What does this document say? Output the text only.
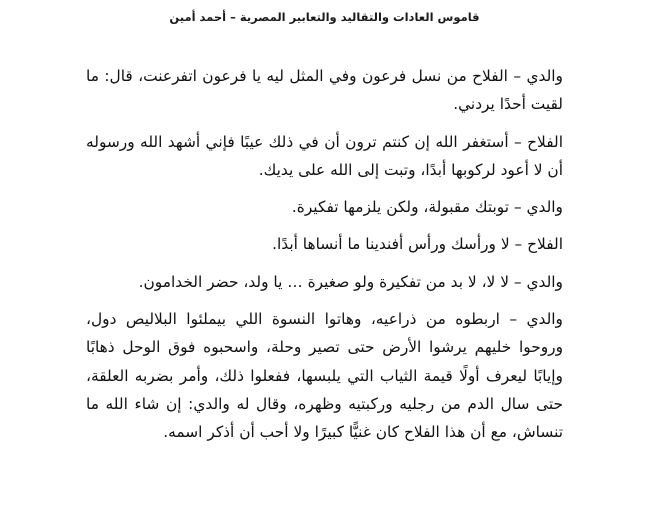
قاموس العادات والتقاليد والتعابير المصرية – أحمد أمين

والدي – الفلاح من نسل فرعون وفي المثل ليه يا فرعون اتفرعنت، قال: ما لقيت أحدًا يردني.

الفلاح – أستغفر الله إن كنتم ترون أن في ذلك عيبًا فإني أشهد الله ورسوله أن لا أعود لركوبها أبدًا، وتبت إلى الله على يديك.

والدي – توبتك مقبولة، ولكن يلزمها تفكيرة.

الفلاح – لا ورأسك ورأس أفندينا ما أنساها أبدًا.

والدي – لا لا، لا بد من تفكيرة ولو صغيرة … يا ولد، حضر الخدامون.

والدي – اربطوه من ذراعيه، وهاتوا النسوة اللي بيملئوا البلاليص دول، وروحوا خليهم يرشوا الأرض حتى تصير وحلة، واسحبوه فوق الوحل ذهابًا وإيابًا ليعرف أولًا قيمة الثياب التي يلبسها، ففعلوا ذلك، وأمر بضربه العلقة، حتى سال الدم من رجليه وركبتيه وظهره، وقال له والدي: إن شاء الله ما تنساش، مع أن هذا الفلاح كان غنيًّا كبيرًا ولا أحب أن أذكر اسمه.
